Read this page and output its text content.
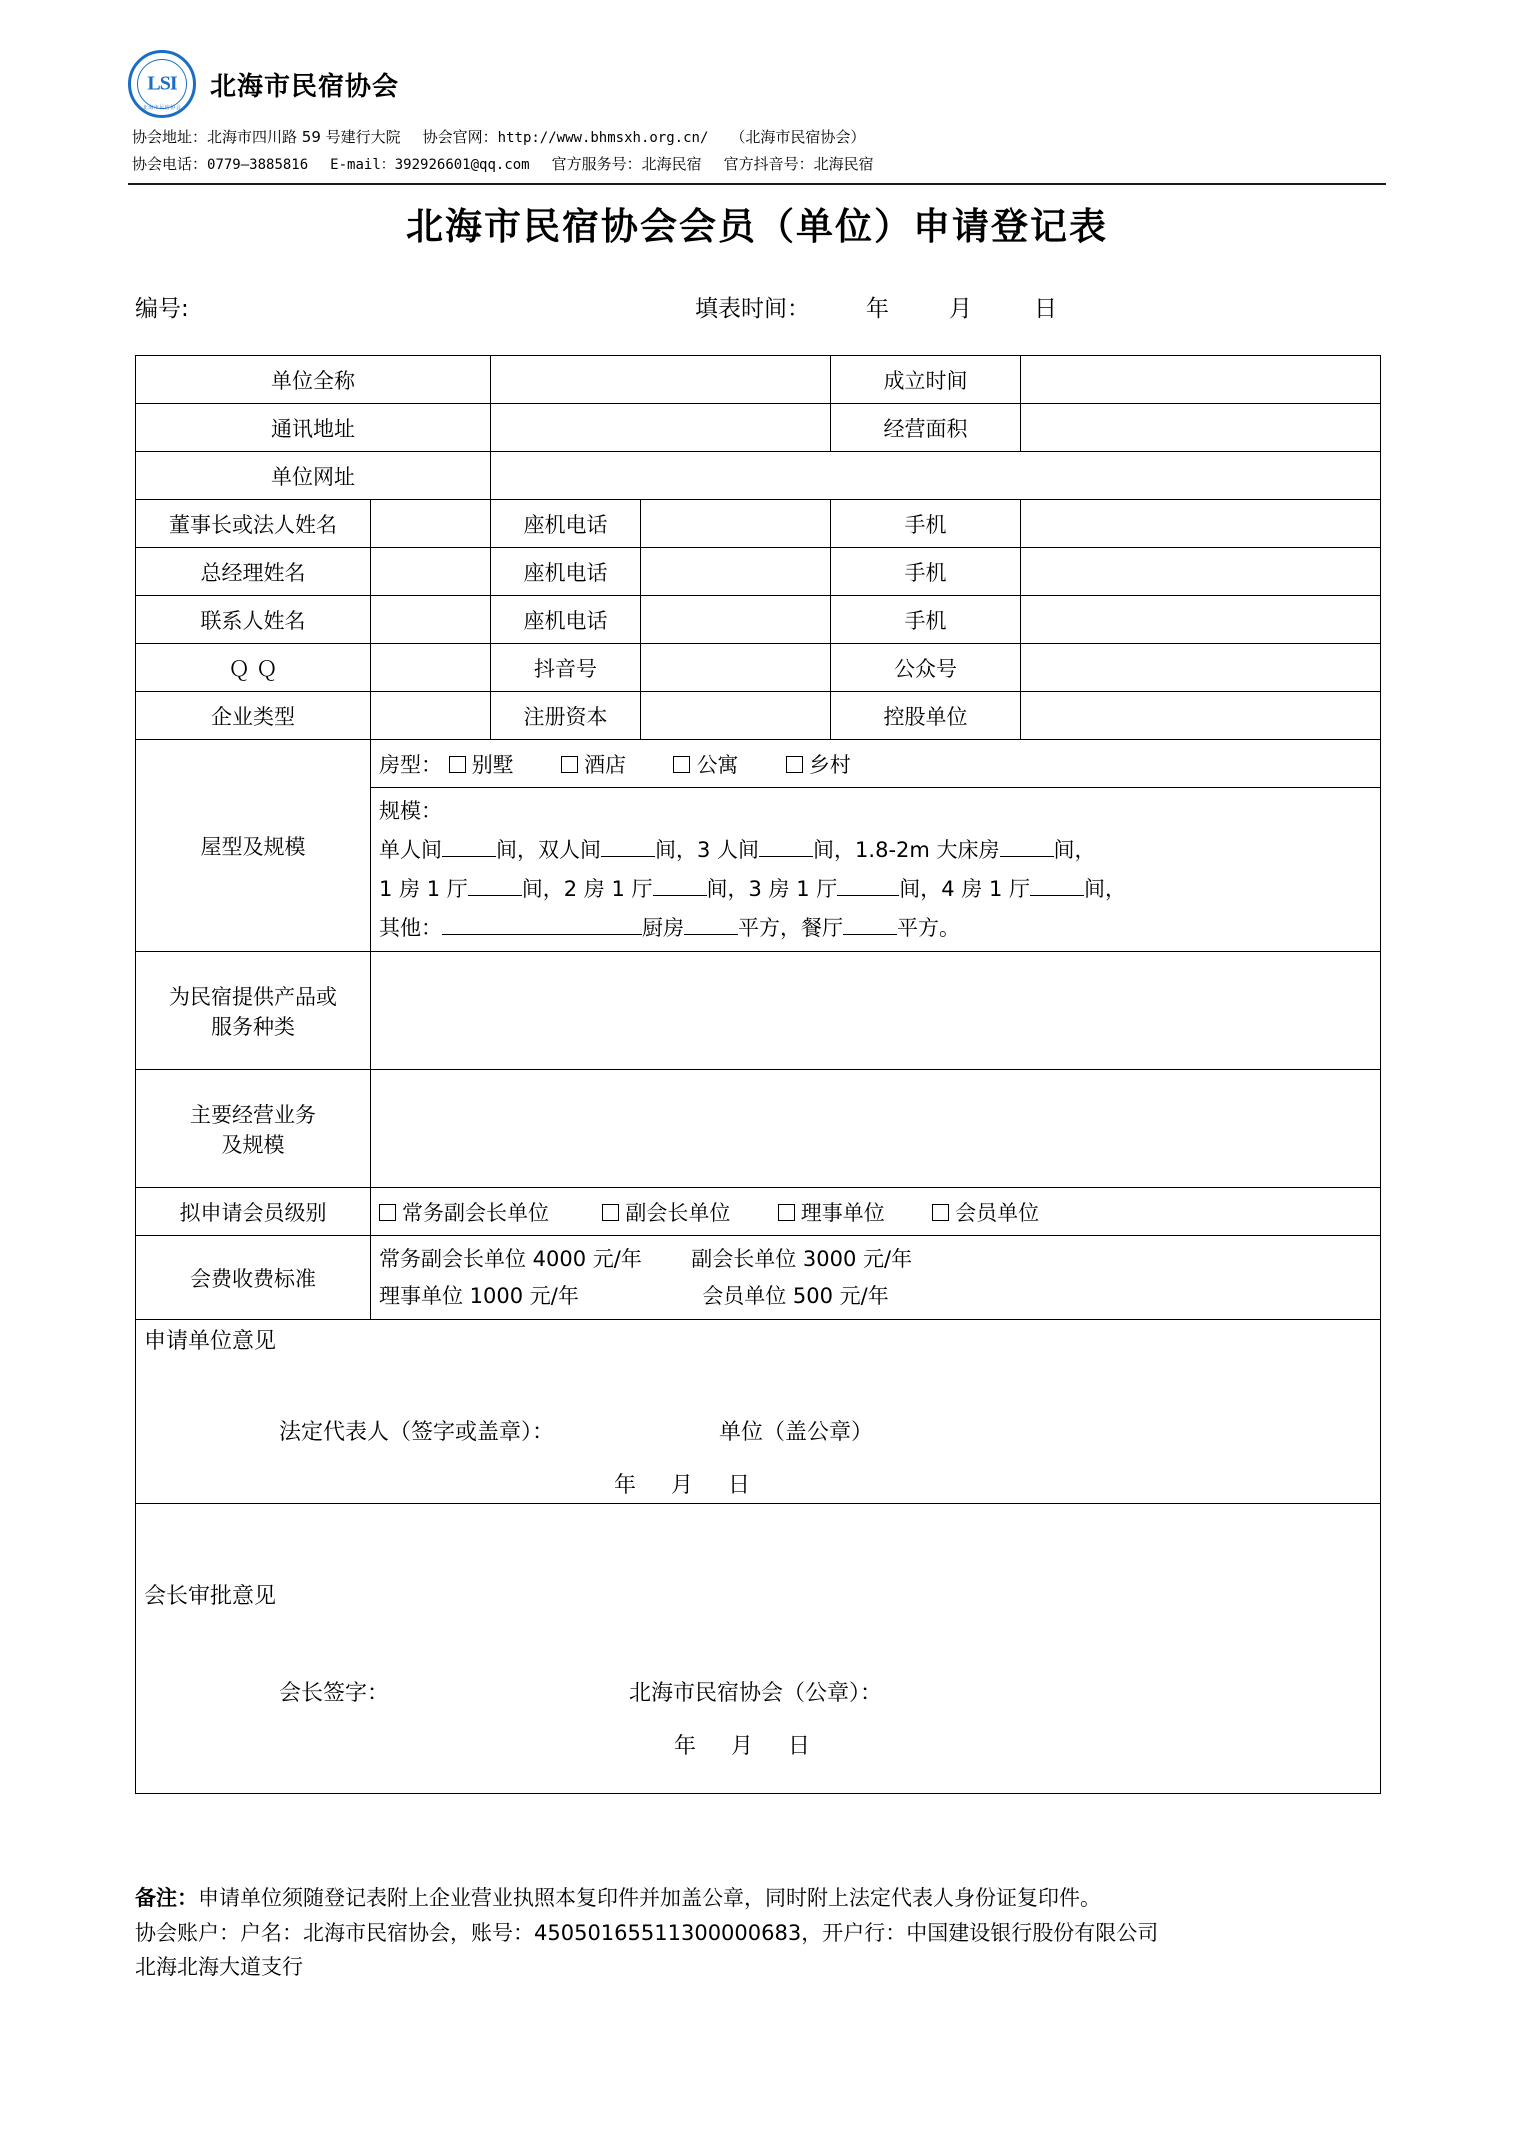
LSI
北海市民宿协会
北海市民宿协会
协会地址：北海市四川路 59 号建行大院 协会官网：http://www.bhmsxh.org.cn/ （北海市民宿协会）
协会电话：0779—3885816 E-mail：392926601@qq.com 官方服务号：北海民宿 官方抖音号：北海民宿
北海市民宿协会会员（单位）申请登记表
编号:	填表时间： 年	月	日
单位全称				成立时间	
通讯地址				经营面积	
单位网址					
董事长或法人姓名		座机电话		手机	
总经理姓名		座机电话		手机	
联系人姓名		座机电话		手机	
Ｑ Ｑ		抖音号		公众号	
企业类型		注册资本		控股单位	
屋型及规模	房型： 别墅 酒店 公寓 乡村				

	规模：
单人间 间，双人间 间，3 人间 间，1.8-2m 大床房 间，
1 房 1 厅 间，2 房 1 厅 间，3 房 1 厅 间，4 房 1 厅 间，
其他： 厨房 平方，餐厅 平方。				

为民宿提供产品或
服务种类					

主要经营业务
及规模					

拟申请会员级别	常务副会长单位 副会长单位 理事单位 会员单位				
会费收费标准	常务副会长单位 4000 元/年 副会长单位 3000 元/年
理事单位 1000 元/年 会员单位 500 元/年				

申请单位意见
法定代表人（签字或盖章）： 单位（盖公章）
年 月 日					

会长审批意见
会长签字： 北海市民宿协会（公章）：
年 月 日					

备注：申请单位须随登记表附上企业营业执照本复印件并加盖公章，同时附上法定代表人身份证复印件。

协会账户：户名：北海市民宿协会，账号：45050165511300000683，开户行：中国建设银行股份有限公司

北海北海大道支行
